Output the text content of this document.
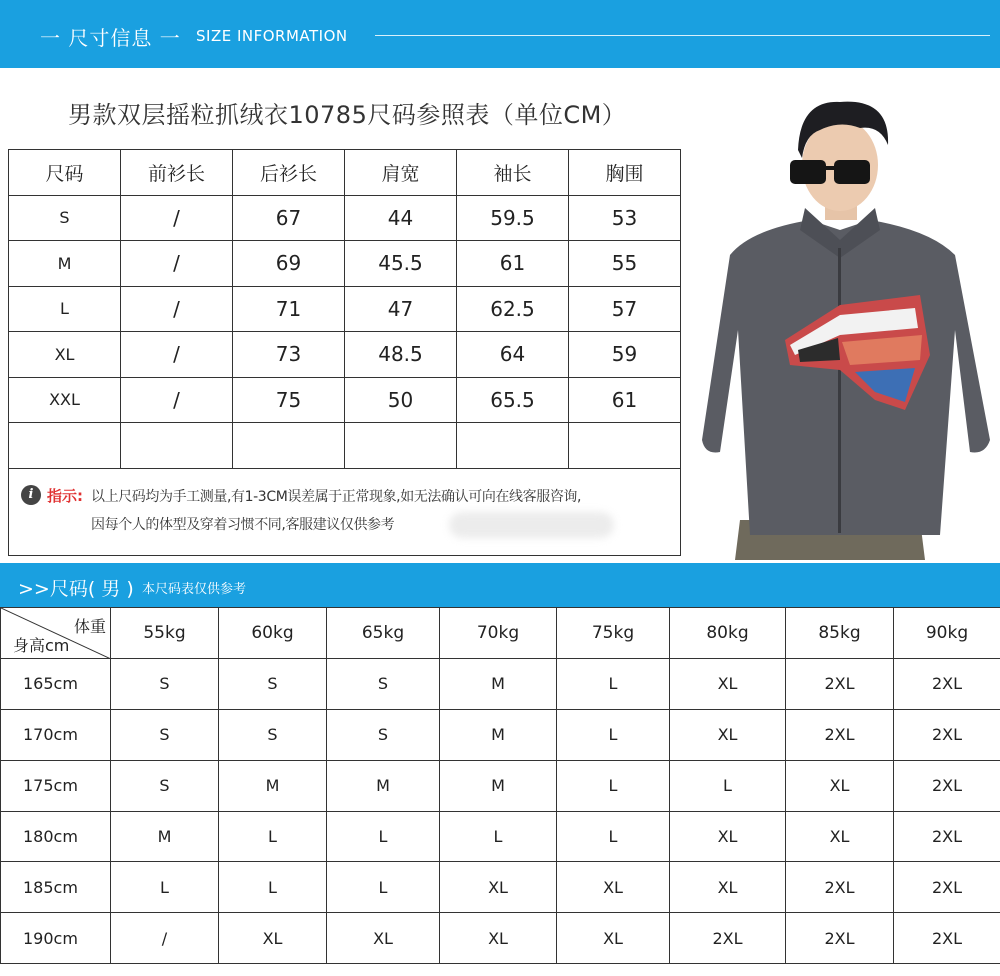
一 尺寸信息 一 SIZE INFORMATION
男款双层摇粒抓绒衣10785尺码参照表（单位CM）
尺码	前衫长	后衫长	肩宽	袖长	胸围
S	/	67	44	59.5	53
M	/	69	45.5	61	55
L	/	71	47	62.5	57
XL	/	73	48.5	64	59
XXL	/	75	50	65.5	61

i 指示: 以上尺码均为手工测量,有1-3CM误差属于正常现象,如无法确认可向在线客服咨询,
因每个人的体型及穿着习惯不同,客服建议仅供参考
>>尺码( 男 ) 本尺码表仅供参考
体重
身高cm	55kg	60kg	65kg	70kg	75kg	80kg	85kg	90kg
165cm	S	S	S	M	L	XL	2XL	2XL
170cm	S	S	S	M	L	XL	2XL	2XL
175cm	S	M	M	M	L	L	XL	2XL
180cm	M	L	L	L	L	XL	XL	2XL
185cm	L	L	L	XL	XL	XL	2XL	2XL
190cm	/	XL	XL	XL	XL	2XL	2XL	2XL
